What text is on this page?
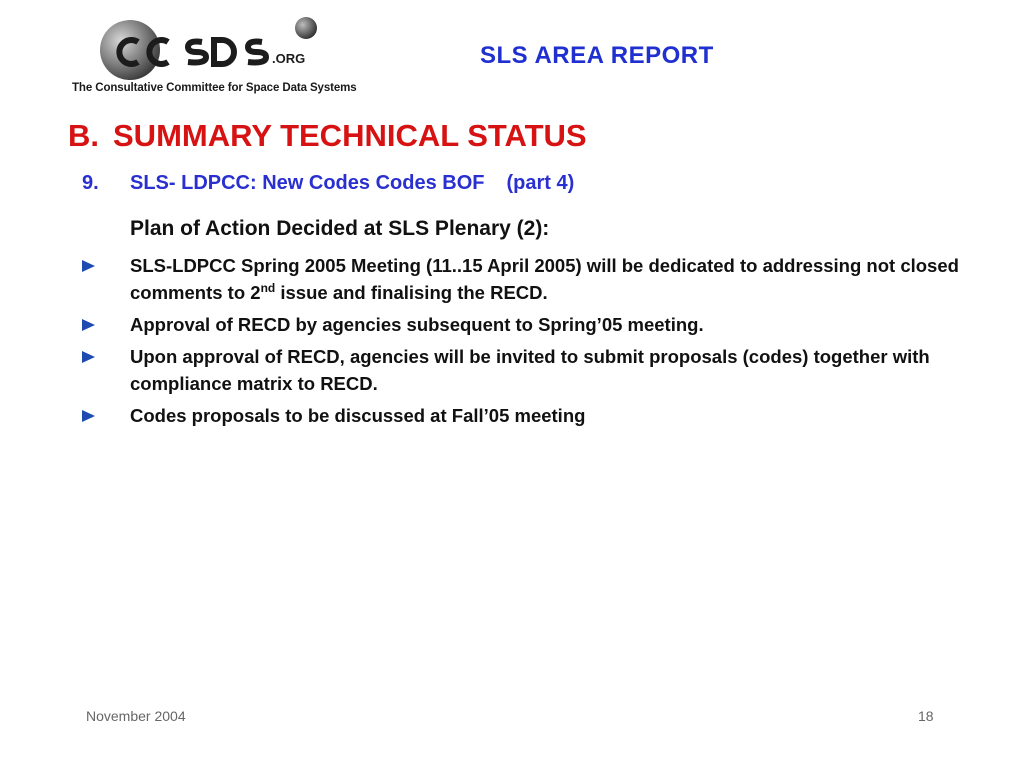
.ORG
The Consultative Committee for Space Data Systems
SLS AREA REPORT
B. SUMMARY TECHNICAL STATUS
9. SLS- LDPCC: New Codes Codes BOF (part 4)
Plan of Action Decided at SLS Plenary (2):
SLS-LDPCC Spring 2005 Meeting (11..15 April 2005) will be dedicated to addressing not closed comments to 2nd issue and finalising the RECD.
Approval of RECD by agencies subsequent to Spring’05 meeting.
Upon approval of RECD, agencies will be invited to submit proposals (codes) together with compliance matrix to RECD.
Codes proposals to be discussed at Fall’05 meeting
November 2004	18
